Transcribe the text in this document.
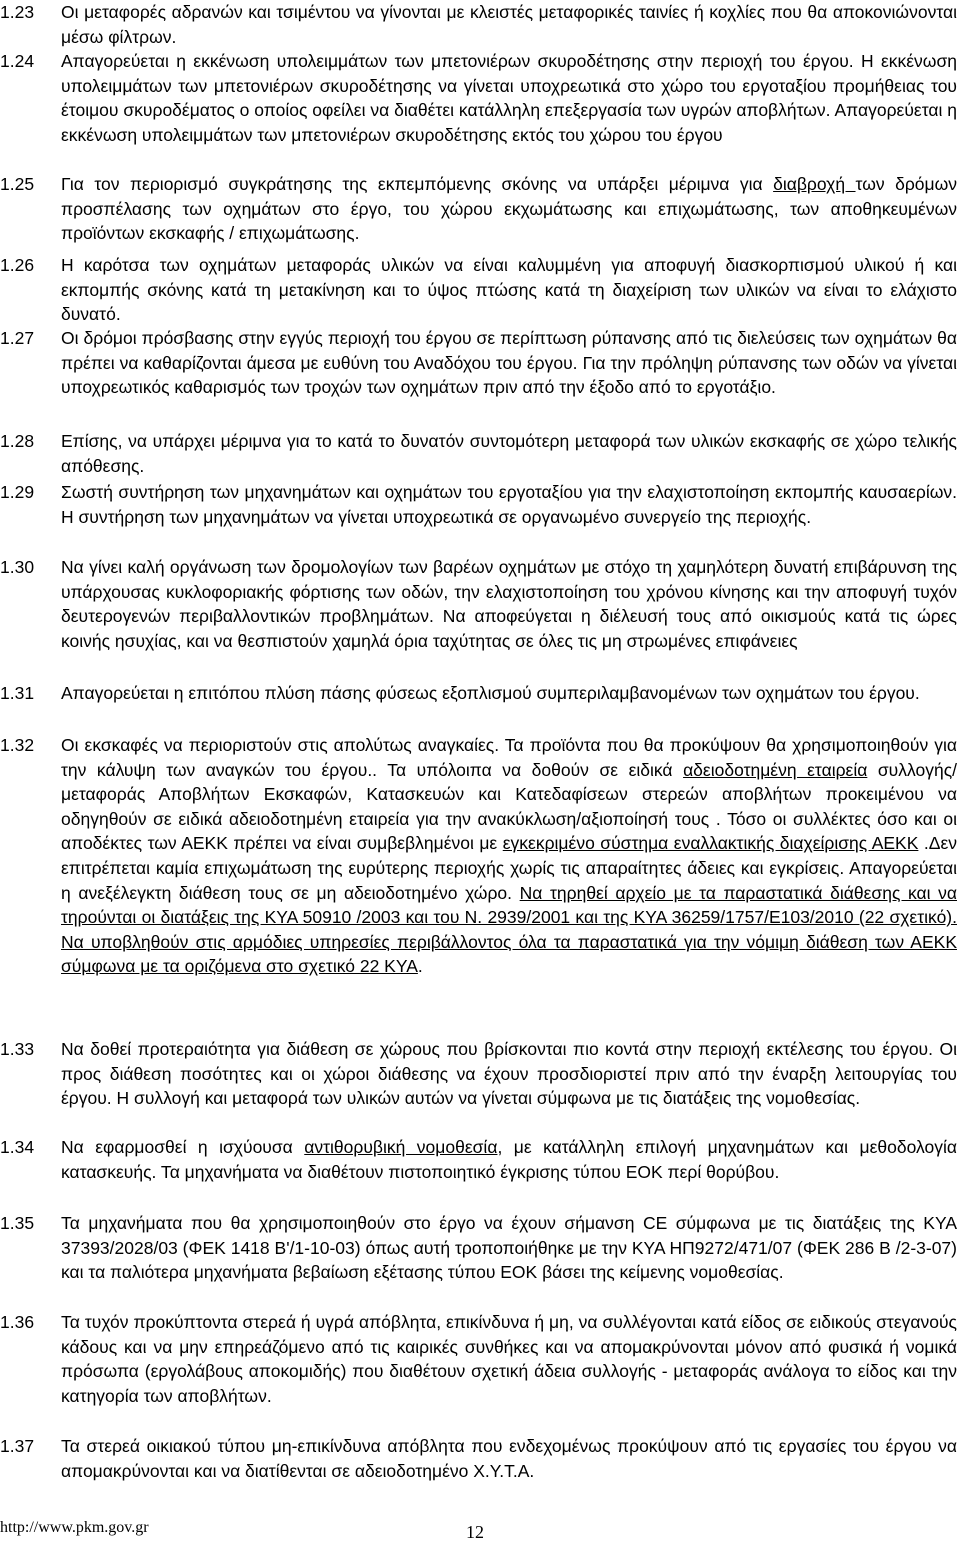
1.23	Οι μεταφορές αδρανών και τσιμέντου να γίνονται με κλειστές μεταφορικές ταινίες ή κοχλίες που θα αποκονιώνονται μέσω φίλτρων.
1.24	Απαγορεύεται η εκκένωση υπολειμμάτων των μπετονιέρων σκυροδέτησης στην περιοχή του έργου. Η εκκένωση υπολειμμάτων των μπετονιέρων σκυροδέτησης να γίνεται υποχρεωτικά στο χώρο του εργοταξίου προμήθειας του έτοιμου σκυροδέματος ο οποίος οφείλει να διαθέτει κατάλληλη επεξεργασία των υγρών αποβλήτων. Απαγορεύεται η εκκένωση υπολειμμάτων των μπετονιέρων σκυροδέτησης εκτός του χώρου του έργου
1.25	Για τον περιορισμό συγκράτησης της εκπεμπόμενης σκόνης να υπάρξει μέριμνα για διαβροχή των δρόμων προσπέλασης των οχημάτων στο έργο, του χώρου εκχωμάτωσης και επιχωμάτωσης, των αποθηκευμένων προϊόντων εκσκαφής / επιχωμάτωσης.
1.26	Η καρότσα των οχημάτων μεταφοράς υλικών να είναι καλυμμένη για αποφυγή διασκορπισμού υλικού ή και εκπομπής σκόνης κατά τη μετακίνηση και το ύψος πτώσης κατά τη διαχείριση των υλικών να είναι το ελάχιστο δυνατό.
1.27	Οι δρόμοι πρόσβασης στην εγγύς περιοχή του έργου σε περίπτωση ρύπανσης από τις διελεύσεις των οχημάτων θα πρέπει να καθαρίζονται άμεσα με ευθύνη του Αναδόχου του έργου. Για την πρόληψη ρύπανσης των οδών να γίνεται υποχρεωτικός καθαρισμός των τροχών των οχημάτων πριν από την έξοδο από το εργοτάξιο.
1.28	Επίσης, να υπάρχει μέριμνα για το κατά το δυνατόν συντομότερη μεταφορά των υλικών εκσκαφής σε χώρο τελικής απόθεσης.
1.29	Σωστή συντήρηση των μηχανημάτων και οχημάτων του εργοταξίου για την ελαχιστοποίηση εκπομπής καυσαερίων. Η συντήρηση των μηχανημάτων να γίνεται υποχρεωτικά σε οργανωμένο συνεργείο της περιοχής.
1.30	Να γίνει καλή οργάνωση των δρομολογίων των βαρέων οχημάτων με στόχο τη χαμηλότερη δυνατή επιβάρυνση της υπάρχουσας κυκλοφοριακής φόρτισης των οδών, την ελαχιστοποίηση του χρόνου κίνησης και την αποφυγή τυχόν δευτερογενών περιβαλλοντικών προβλημάτων. Να αποφεύγεται η διέλευσή τους από οικισμούς κατά τις ώρες κοινής ησυχίας, και να θεσπιστούν χαμηλά όρια ταχύτητας σε όλες τις μη στρωμένες επιφάνειες
1.31	Απαγορεύεται η επιτόπου πλύση πάσης φύσεως εξοπλισμού συμπεριλαμβανομένων των οχημάτων του έργου.
1.32	Οι εκσκαφές να περιοριστούν στις απολύτως αναγκαίες. Τα προϊόντα που θα προκύψουν θα χρησιμοποιηθούν για την κάλυψη των αναγκών του έργου.. Τα υπόλοιπα να δοθούν σε ειδικά αδειοδοτημένη εταιρεία συλλογής/μεταφοράς Αποβλήτων Εκσκαφών, Κατασκευών και Κατεδαφίσεων στερεών αποβλήτων προκειμένου να οδηγηθούν σε ειδικά αδειοδοτημένη εταιρεία για την ανακύκλωση/αξιοποίησή τους . Τόσο οι συλλέκτες όσο και οι αποδέκτες των ΑΕΚΚ πρέπει να είναι συμβεβλημένοι με εγκεκριμένο σύστημα εναλλακτικής διαχείρισης ΑΕΚΚ .Δεν επιτρέπεται καμία επιχωμάτωση της ευρύτερης περιοχής χωρίς τις απαραίτητες άδειες και εγκρίσεις. Απαγορεύεται η ανεξέλεγκτη διάθεση τους σε μη αδειοδοτημένο χώρο. Να τηρηθεί αρχείο με τα παραστατικά διάθεσης και να τηρούνται οι διατάξεις της ΚΥΑ 50910 /2003 και του Ν. 2939/2001 και της ΚΥΑ 36259/1757/Ε103/2010 (22 σχετικό). Να υποβληθούν στις αρμόδιες υπηρεσίες περιβάλλοντος όλα τα παραστατικά για την νόμιμη διάθεση των ΑΕΚΚ σύμφωνα με τα οριζόμενα στο σχετικό 22 ΚΥΑ.
1.33	Να δοθεί προτεραιότητα για διάθεση σε χώρους που βρίσκονται πιο κοντά στην περιοχή εκτέλεσης του έργου. Οι προς διάθεση ποσότητες και οι χώροι διάθεσης να έχουν προσδιοριστεί πριν από την έναρξη λειτουργίας του έργου. Η συλλογή και μεταφορά των υλικών αυτών να γίνεται σύμφωνα με τις διατάξεις της νομοθεσίας.
1.34	Να εφαρμοσθεί η ισχύουσα αντιθορυβική νομοθεσία, με κατάλληλη επιλογή μηχανημάτων και μεθοδολογία κατασκευής. Τα μηχανήματα να διαθέτουν πιστοποιητικό έγκρισης τύπου ΕΟΚ περί θορύβου.
1.35	Τα μηχανήματα που θα χρησιμοποιηθούν στο έργο να έχουν σήμανση CE σύμφωνα με τις διατάξεις της ΚΥΑ 37393/2028/03 (ΦΕΚ 1418 Β'/1-10-03) όπως αυτή τροποποιήθηκε με την ΚΥΑ ΗΠ9272/471/07 (ΦΕΚ 286 Β /2-3-07) και τα παλιότερα μηχανήματα βεβαίωση εξέτασης τύπου ΕΟΚ βάσει της κείμενης νομοθεσίας.
1.36	Τα τυχόν προκύπτοντα στερεά ή υγρά απόβλητα, επικίνδυνα ή μη, να συλλέγονται κατά είδος σε ειδικούς στεγανούς κάδους και να μην επηρεάζόμενο από τις καιρικές συνθήκες και να απομακρύνονται μόνον από φυσικά ή νομικά πρόσωπα (εργολάβους αποκομιδής) που διαθέτουν σχετική άδεια συλλογής - μεταφοράς ανάλογα το είδος και την κατηγορία των αποβλήτων.
1.37	Τα στερεά οικιακού τύπου μη-επικίνδυνα απόβλητα που ενδεχομένως προκύψουν από τις εργασίες του έργου να απομακρύνονται και να διατίθενται σε αδειοδοτημένο Χ.Υ.Τ.Α.
http://www.pkm.gov.gr	12
